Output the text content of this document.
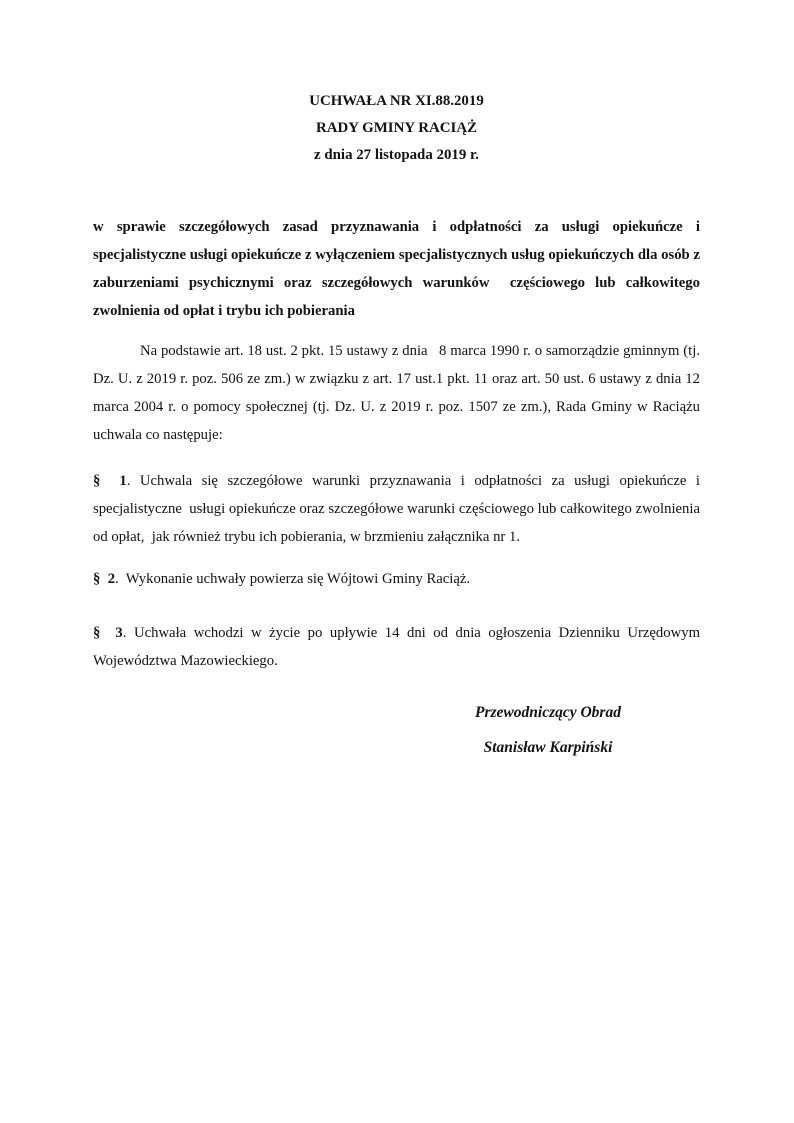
UCHWAŁA NR XI.88.2019
RADY GMINY RACIĄŻ
z dnia 27 listopada 2019 r.

w sprawie szczegółowych zasad przyznawania i odpłatności za usługi opiekuńcze i specjalistyczne usługi opiekuńcze z wyłączeniem specjalistycznych usług opiekuńczych dla osób z zaburzeniami psychicznymi oraz szczegółowych warunków  częściowego lub całkowitego zwolnienia od opłat i trybu ich pobierania

Na podstawie art. 18 ust. 2 pkt. 15 ustawy z dnia   8 marca 1990 r. o samorządzie gminnym (tj. Dz. U. z 2019 r. poz. 506 ze zm.) w związku z art. 17 ust.1 pkt. 11 oraz art. 50 ust. 6 ustawy z dnia 12 marca 2004 r. o pomocy społecznej (tj. Dz. U. z 2019 r. poz. 1507 ze zm.), Rada Gminy w Raciążu uchwala co następuje:

§  1. Uchwala się szczegółowe warunki przyznawania i odpłatności za usługi opiekuńcze i specjalistyczne  usługi opiekuńcze oraz szczegółowe warunki częściowego lub całkowitego zwolnienia od opłat,  jak również trybu ich pobierania, w brzmieniu załącznika nr 1.

§  2.  Wykonanie uchwały powierza się Wójtowi Gminy Raciąż.

§  3. Uchwała wchodzi w życie po upływie 14 dni od dnia ogłoszenia Dzienniku Urzędowym Województwa Mazowieckiego.

Przewodniczący Obrad
Stanisław Karpiński
